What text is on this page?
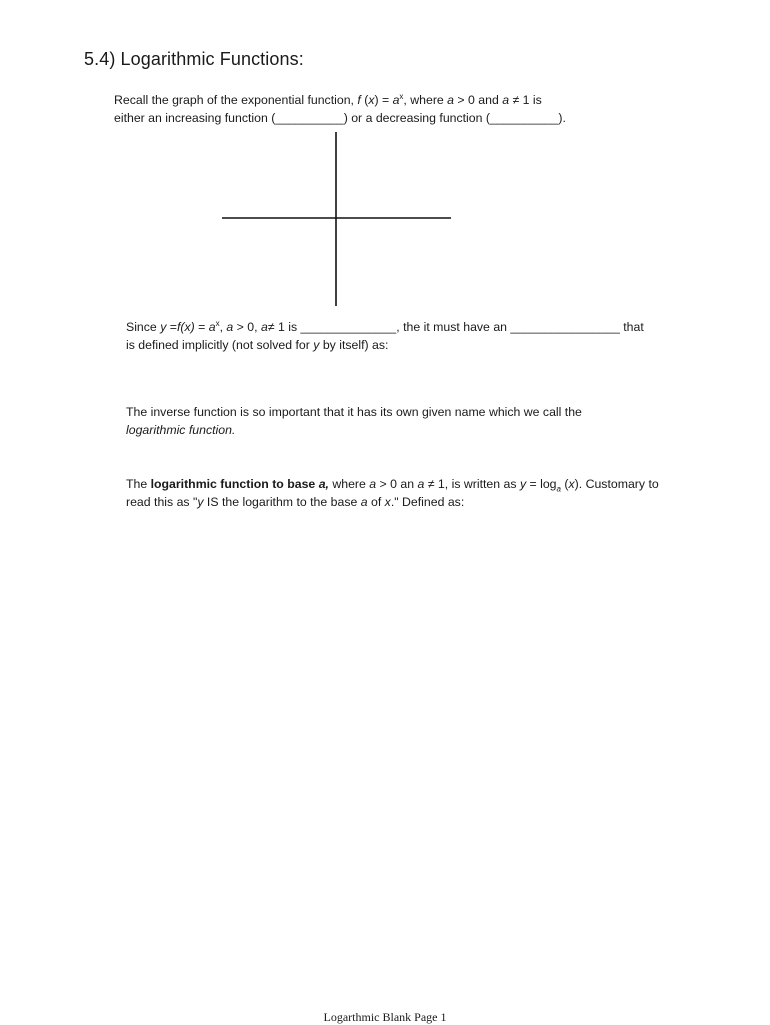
5.4) Logarithmic Functions:
Recall the graph of the exponential function, f $(x) = a^x$, where a > 0 and a ≠ 1 is
either an increasing function (__________) or a decreasing function (__________).
Since $y =f(x) = a^x$, a > 0, a≠ 1 is ______________, the it must have an ________________ that
is defined implicitly (not solved for y by itself) as:
The inverse function is so important that it has its own given name which we call the
logarithmic function.
The logarithmic function to base a, where a > 0 an a ≠ 1, is written as $y = \log_a (x)$. Customary to
read this as "y IS the logarithm to the base a of x." Defined as:
Logarthmic Blank Page 1
